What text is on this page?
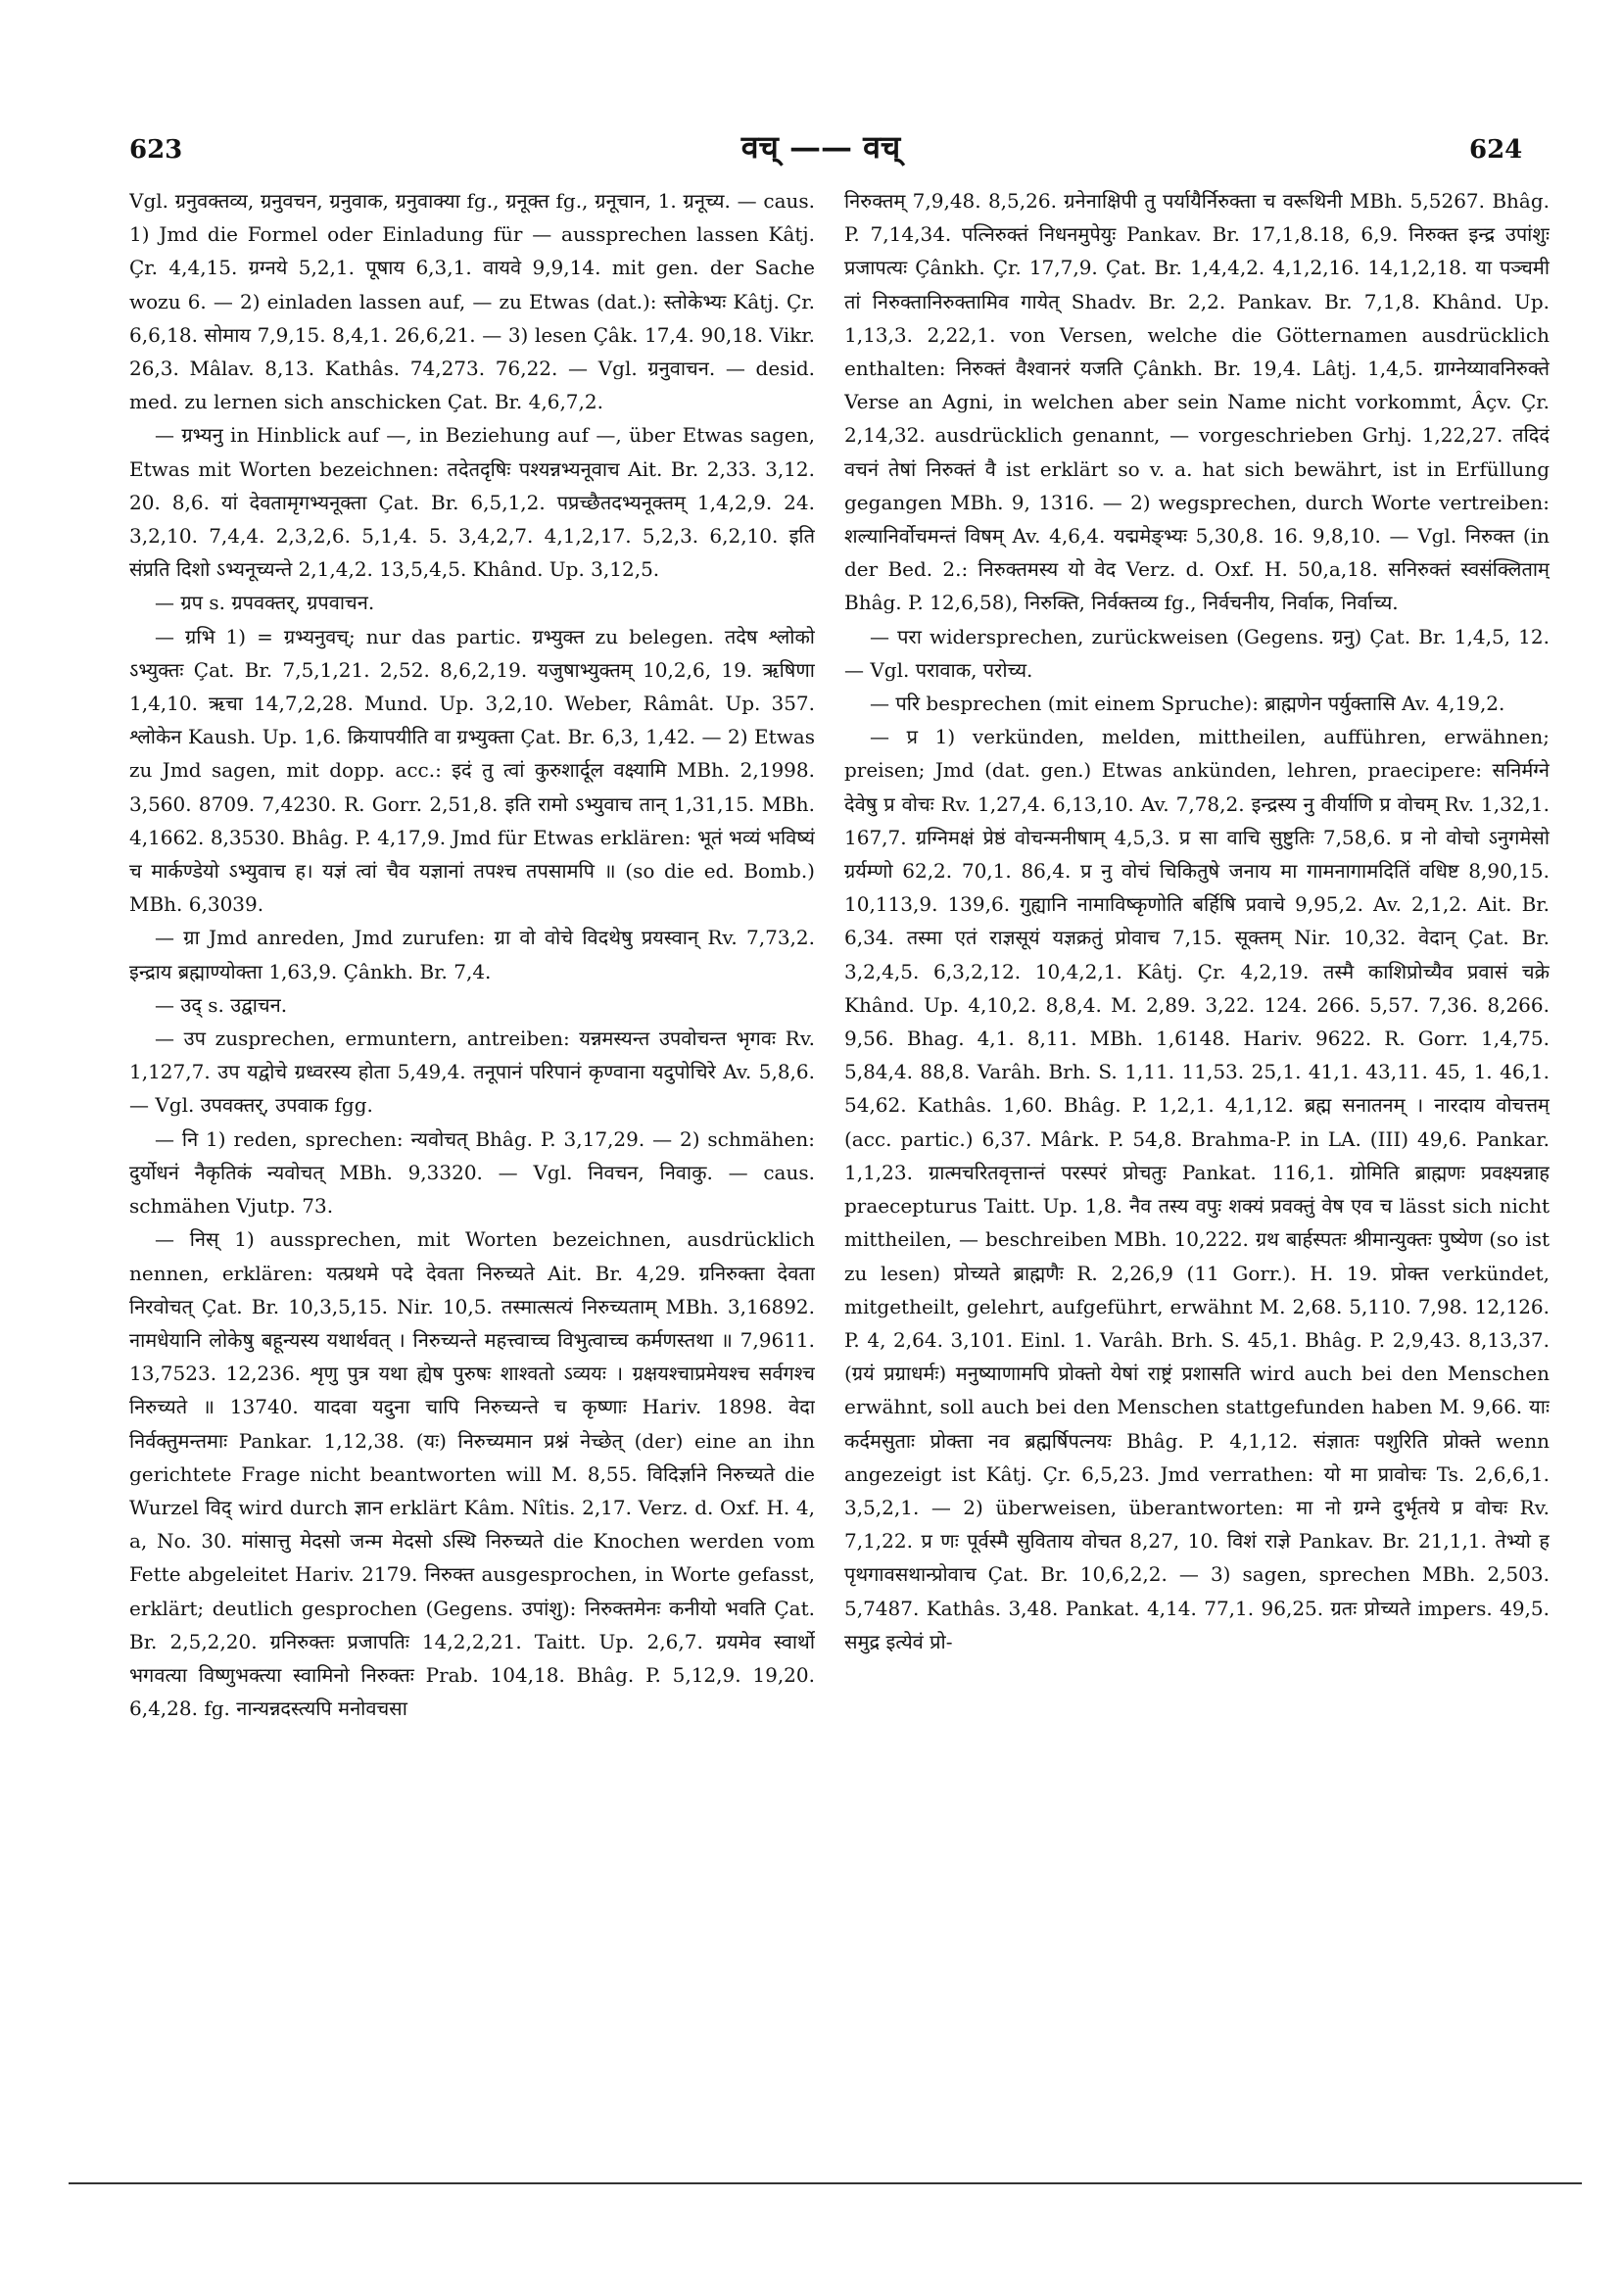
623	वच् —— वच्	624

Vgl. ग्रनुवक्तव्य, ग्रनुवचन, ग्रनुवाक, ग्रनुवाक्या fg., ग्रनूक्त fg., ग्रनूचान, 1. ग्रनूच्य. — caus. 1) Jmd die Formel oder Einladung für — aussprechen lassen Kâtj. Çr. 4,4,15. ग्रग्नये 5,2,1. पूषाय 6,3,1. वायवे 9,9,14. mit gen. der Sache wozu 6. — 2) einladen lassen auf, — zu Etwas (dat.): स्तोकेभ्यः Kâtj. Çr. 6,6,18. सोमाय 7,9,15. 8,4,1. 26,6,21. — 3) lesen Çâk. 17,4. 90,18. Vikr. 26,3. Mâlav. 8,13. Kathâs. 74,273. 76,22. — Vgl. ग्रनुवाचन. — desid. med. zu lernen sich anschicken Çat. Br. 4,6,7,2.

— ग्रभ्यनु in Hinblick auf —, in Beziehung auf —, über Etwas sagen, Etwas mit Worten bezeichnen: तदेतदृषिः पश्यन्नभ्यनूवाच Ait. Br. 2,33. 3,12. 20. 8,6. यां देवतामृगभ्यनूक्ता Çat. Br. 6,5,1,2. पप्रच्छैतदभ्यनूक्तम् 1,4,2,9. 24. 3,2,10. 7,4,4. 2,3,2,6. 5,1,4. 5. 3,4,2,7. 4,1,2,17. 5,2,3. 6,2,10. इति संप्रति दिशो ऽभ्यनूच्यन्ते 2,1,4,2. 13,5,4,5. Khând. Up. 3,12,5.

— ग्रप s. ग्रपवक्तर्, ग्रपवाचन.

— ग्रभि 1) = ग्रभ्यनुवच्; nur das partic. ग्रभ्युक्त zu belegen. तदेष श्लोको ऽभ्युक्तः Çat. Br. 7,5,1,21. 2,52. 8,6,2,19. यजुषाभ्युक्तम् 10,2,6, 19. ऋषिणा 1,4,10. ऋचा 14,7,2,28. Mund. Up. 3,2,10. Weber, Râmât. Up. 357. श्लोकेन Kaush. Up. 1,6. क्रियापयीति वा ग्रभ्युक्ता Çat. Br. 6,3, 1,42. — 2) Etwas zu Jmd sagen, mit dopp. acc.: इदं तु त्वां कुरुशार्दूल वक्ष्यामि MBh. 2,1998. 3,560. 8709. 7,4230. R. Gorr. 2,51,8. इति रामो ऽभ्युवाच तान् 1,31,15. MBh. 4,1662. 8,3530. Bhâg. P. 4,17,9. Jmd für Etwas erklären: भूतं भव्यं भविष्यं च मार्कण्डेयो ऽभ्युवाच ह। यज्ञं त्वां चैव यज्ञानां तपश्च तपसामपि ॥ (so die ed. Bomb.) MBh. 6,3039.

— ग्रा Jmd anreden, Jmd zurufen: ग्रा वो वोचे विदथेषु प्रयस्वान् Rv. 7,73,2. इन्द्राय ब्रह्माण्योक्ता 1,63,9. Çânkh. Br. 7,4.

— उद् s. उद्वाचन.

— उप zusprechen, ermuntern, antreiben: यन्नमस्यन्त उपवोचन्त भृगवः Rv. 1,127,7. उप यद्वोचे ग्रध्वरस्य होता 5,49,4. तनूपानं परिपानं कृण्वाना यदुपोचिरे Av. 5,8,6. — Vgl. उपवक्तर्, उपवाक fgg.

— नि 1) reden, sprechen: न्यवोचत् Bhâg. P. 3,17,29. — 2) schmähen: दुर्योधनं नैकृतिकं न्यवोचत् MBh. 9,3320. — Vgl. निवचन, निवाकु. — caus. schmähen Vjutp. 73.

— निस् 1) aussprechen, mit Worten bezeichnen, ausdrücklich nennen, erklären: यत्प्रथमे पदे देवता निरुच्यते Ait. Br. 4,29. ग्रनिरुक्ता देवता निरवोचत् Çat. Br. 10,3,5,15. Nir. 10,5. तस्मात्सत्यं निरुच्यताम् MBh. 3,16892. नामधेयानि लोकेषु बहून्यस्य यथार्थवत् । निरुच्यन्ते महत्त्वाच्च विभुत्वाच्च कर्मणस्तथा ॥ 7,9611. 13,7523. 12,236. शृणु पुत्र यथा ह्येष पुरुषः शाश्वतो ऽव्ययः । ग्रक्षयश्चाप्रमेयश्च सर्वगश्च निरुच्यते ॥ 13740. यादवा यदुना चापि निरुच्यन्ते च कृष्णाः Hariv. 1898. वेदा निर्वक्तुमन्तमाः Pankar. 1,12,38. (यः) निरुच्यमान प्रश्नं नेच्छेत् (der) eine an ihn gerichtete Frage nicht beantworten will M. 8,55. विदिर्ज्ञाने निरुच्यते die Wurzel विद् wird durch ज्ञान erklärt Kâm. Nîtis. 2,17. Verz. d. Oxf. H. 4, a, No. 30. मांसात्तु मेदसो जन्म मेदसो ऽस्थि निरुच्यते die Knochen werden vom Fette abgeleitet Hariv. 2179. निरुक्त ausgesprochen, in Worte gefasst, erklärt; deutlich gesprochen (Gegens. उपांशु): निरुक्तमेनः कनीयो भवति Çat. Br. 2,5,2,20. ग्रनिरुक्तः प्रजापतिः 14,2,2,21. Taitt. Up. 2,6,7. ग्रयमेव स्वार्थो भगवत्या विष्णुभक्त्या स्वामिनो निरुक्तः Prab. 104,18. Bhâg. P. 5,12,9. 19,20. 6,4,28. fg. नान्यन्नदस्त्यपि मनोवचसा

निरुक्तम् 7,9,48. 8,5,26. ग्रनेनाक्षिपी तु पर्यायैर्निरुक्ता च वरूथिनी MBh. 5,5267. Bhâg. P. 7,14,34. पत्निरुक्तं निधनमुपेयुः Pankav. Br. 17,1,8.18, 6,9. निरुक्त इन्द्र उपांशुः प्रजापत्यः Çânkh. Çr. 17,7,9. Çat. Br. 1,4,4,2. 4,1,2,16. 14,1,2,18. या पञ्चमी तां निरुक्तानिरुक्तामिव गायेत् Shadv. Br. 2,2. Pankav. Br. 7,1,8. Khând. Up. 1,13,3. 2,22,1. von Versen, welche die Götternamen ausdrücklich enthalten: निरुक्तं वैश्वानरं यजति Çânkh. Br. 19,4. Lâtj. 1,4,5. ग्राग्नेय्यावनिरुक्ते Verse an Agni, in welchen aber sein Name nicht vorkommt, Âçv. Çr. 2,14,32. ausdrücklich genannt, — vorgeschrieben Grhj. 1,22,27. तदिदं वचनं तेषां निरुक्तं वै ist erklärt so v. a. hat sich bewährt, ist in Erfüllung gegangen MBh. 9, 1316. — 2) wegsprechen, durch Worte vertreiben: शल्यानिर्वोचमन्तं विषम् Av. 4,6,4. यद्ममेङ्भ्यः 5,30,8. 16. 9,8,10. — Vgl. निरुक्त (in der Bed. 2.: निरुक्तमस्य यो वेद Verz. d. Oxf. H. 50,a,18. सनिरुक्तं स्वसंक्लिताम् Bhâg. P. 12,6,58), निरुक्ति, निर्वक्तव्य fg., निर्वचनीय, निर्वाक, निर्वाच्य.

— परा widersprechen, zurückweisen (Gegens. ग्रनु) Çat. Br. 1,4,5, 12. — Vgl. परावाक, परोच्य.

— परि besprechen (mit einem Spruche): ब्राह्मणेन पर्युक्तासि Av. 4,19,2.

— प्र 1) verkünden, melden, mittheilen, aufführen, erwähnen; preisen; Jmd (dat. gen.) Etwas ankünden, lehren, praecipere: सनिर्मग्ने देवेषु प्र वोचः Rv. 1,27,4. 6,13,10. Av. 7,78,2. इन्द्रस्य नु वीर्याणि प्र वोचम् Rv. 1,32,1. 167,7. ग्रग्निमक्षं प्रेष्ठं वोचन्मनीषाम् 4,5,3. प्र सा वाचि सुष्टुतिः 7,58,6. प्र नो वोचो ऽनुगमेसो ग्रर्यम्णो 62,2. 70,1. 86,4. प्र नु वोचं चिकितुषे जनाय मा गामनागामदितिं वधिष्ट 8,90,15. 10,113,9. 139,6. गुह्यानि नामाविष्कृणोति बर्हिषि प्रवाचे 9,95,2. Av. 2,1,2. Ait. Br. 6,34. तस्मा एतं राज्ञसूयं यज्ञक्रतुं प्रोवाच 7,15. सूक्तम् Nir. 10,32. वेदान् Çat. Br. 3,2,4,5. 6,3,2,12. 10,4,2,1. Kâtj. Çr. 4,2,19. तस्मै काशिप्रोच्यैव प्रवासं चक्रे Khând. Up. 4,10,2. 8,8,4. M. 2,89. 3,22. 124. 266. 5,57. 7,36. 8,266. 9,56. Bhag. 4,1. 8,11. MBh. 1,6148. Hariv. 9622. R. Gorr. 1,4,75. 5,84,4. 88,8. Varâh. Brh. S. 1,11. 11,53. 25,1. 41,1. 43,11. 45, 1. 46,1. 54,62. Kathâs. 1,60. Bhâg. P. 1,2,1. 4,1,12. ब्रह्म सनातनम् । नारदाय वोचत्तम् (acc. partic.) 6,37. Mârk. P. 54,8. Brahma-P. in LA. (III) 49,6. Pankar. 1,1,23. ग्रात्मचरितवृत्तान्तं परस्परं प्रोचतुः Pankat. 116,1. ग्रोमिति ब्राह्मणः प्रवक्ष्यन्नाह praecepturus Taitt. Up. 1,8. नैव तस्य वपुः शक्यं प्रवक्तुं वेष एव च lässt sich nicht mittheilen, — beschreiben MBh. 10,222. ग्रथ बार्हस्पतः श्रीमान्युक्तः पुष्येण (so ist zu lesen) प्रोच्यते ब्राह्मणैः R. 2,26,9 (11 Gorr.). H. 19. प्रोक्त verkündet, mitgetheilt, gelehrt, aufgeführt, erwähnt M. 2,68. 5,110. 7,98. 12,126. P. 4, 2,64. 3,101. Einl. 1. Varâh. Brh. S. 45,1. Bhâg. P. 2,9,43. 8,13,37. (ग्रयं प्रग्राधर्मः) मनुष्याणामपि प्रोक्तो येषां राष्ट्रं प्रशासति wird auch bei den Menschen erwähnt, soll auch bei den Menschen stattgefunden haben M. 9,66. याः कर्दमसुताः प्रोक्ता नव ब्रह्मर्षिपत्नयः Bhâg. P. 4,1,12. संज्ञातः पशुरिति प्रोक्ते wenn angezeigt ist Kâtj. Çr. 6,5,23. Jmd verrathen: यो मा प्रावोचः Ts. 2,6,6,1. 3,5,2,1. — 2) überweisen, überantworten: मा नो ग्रग्ने दुर्भृतये प्र वोचः Rv. 7,1,22. प्र णः पूर्वस्मै सुविताय वोचत 8,27, 10. विशं राज्ञे Pankav. Br. 21,1,1. तेभ्यो ह पृथगावसथान्प्रोवाच Çat. Br. 10,6,2,2. — 3) sagen, sprechen MBh. 2,503. 5,7487. Kathâs. 3,48. Pankat. 4,14. 77,1. 96,25. ग्रतः प्रोच्यते impers. 49,5. समुद्र इत्येवं प्रो-
